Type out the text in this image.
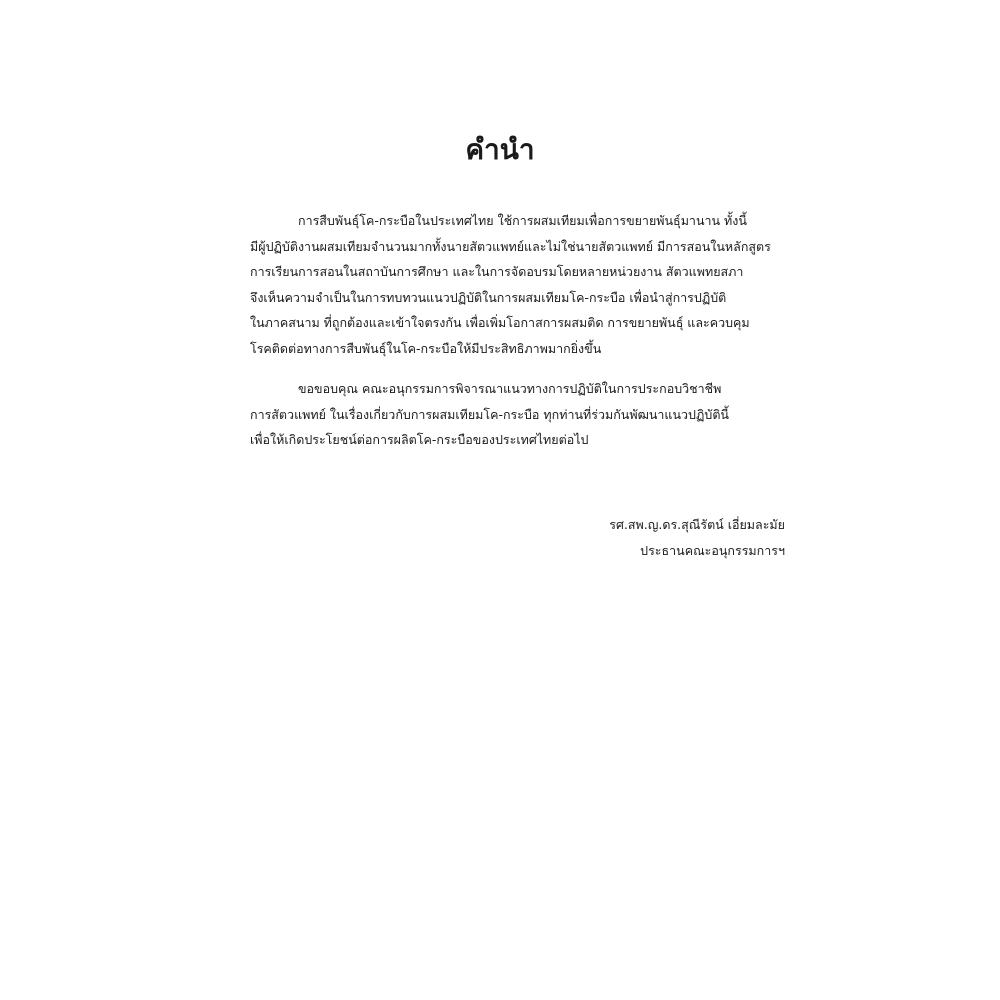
คำนำ
การสืบพันธุ์โค-กระบือในประเทศไทย ใช้การผสมเทียมเพื่อการขยายพันธุ์มานาน ทั้งนี้
มีผู้ปฏิบัติงานผสมเทียมจำนวนมากทั้งนายสัตวแพทย์และไม่ใช่นายสัตวแพทย์ มีการสอนในหลักสูตร
การเรียนการสอนในสถาบันการศึกษา และในการจัดอบรมโดยหลายหน่วยงาน สัตวแพทยสภา
จึงเห็นความจำเป็นในการทบทวนแนวปฏิบัติในการผสมเทียมโค-กระบือ เพื่อนำสู่การปฏิบัติ
ในภาคสนาม ที่ถูกต้องและเข้าใจตรงกัน เพื่อเพิ่มโอกาสการผสมติด การขยายพันธุ์ และควบคุม
โรคติดต่อทางการสืบพันธุ์ในโค-กระบือให้มีประสิทธิภาพมากยิ่งขึ้น
ขอขอบคุณ คณะอนุกรรมการพิจารณาแนวทางการปฏิบัติในการประกอบวิชาชีพ
การสัตวแพทย์ ในเรื่องเกี่ยวกับการผสมเทียมโค-กระบือ ทุกท่านที่ร่วมกันพัฒนาแนวปฏิบัตินี้
เพื่อให้เกิดประโยชน์ต่อการผลิตโค-กระบือของประเทศไทยต่อไป
รศ.สพ.ญ.ดร.สุณีรัตน์ เอี่ยมละมัย
ประธานคณะอนุกรรมการฯ
